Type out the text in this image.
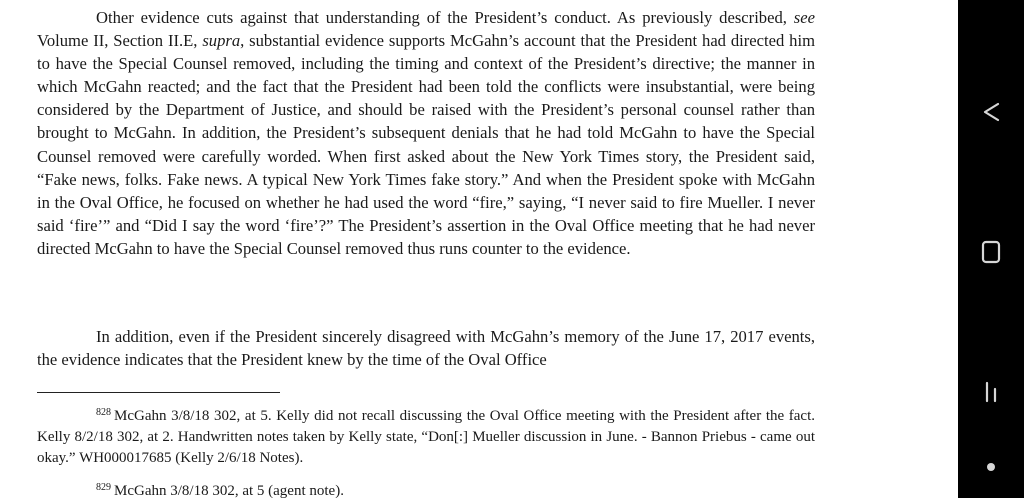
Other evidence cuts against that understanding of the President’s conduct. As previously described, see Volume II, Section II.E, supra, substantial evidence supports McGahn’s account that the President had directed him to have the Special Counsel removed, including the timing and context of the President’s directive; the manner in which McGahn reacted; and the fact that the President had been told the conflicts were insubstantial, were being considered by the Department of Justice, and should be raised with the President’s personal counsel rather than brought to McGahn. In addition, the President’s subsequent denials that he had told McGahn to have the Special Counsel removed were carefully worded. When first asked about the New York Times story, the President said, “Fake news, folks. Fake news. A typical New York Times fake story.” And when the President spoke with McGahn in the Oval Office, he focused on whether he had used the word “fire,” saying, “I never said to fire Mueller. I never said ‘fire’” and “Did I say the word ‘fire’?” The President’s assertion in the Oval Office meeting that he had never directed McGahn to have the Special Counsel removed thus runs counter to the evidence.

In addition, even if the President sincerely disagreed with McGahn’s memory of the June 17, 2017 events, the evidence indicates that the President knew by the time of the Oval Office

$^{828}$ McGahn 3/8/18 302, at 5. Kelly did not recall discussing the Oval Office meeting with the President after the fact. Kelly 8/2/18 302, at 2. Handwritten notes taken by Kelly state, “Don[:] Mueller discussion in June. - Bannon Priebus - came out okay.” WH000017685 (Kelly 2/6/18 Notes).

$^{829}$ McGahn 3/8/18 302, at 5 (agent note).
